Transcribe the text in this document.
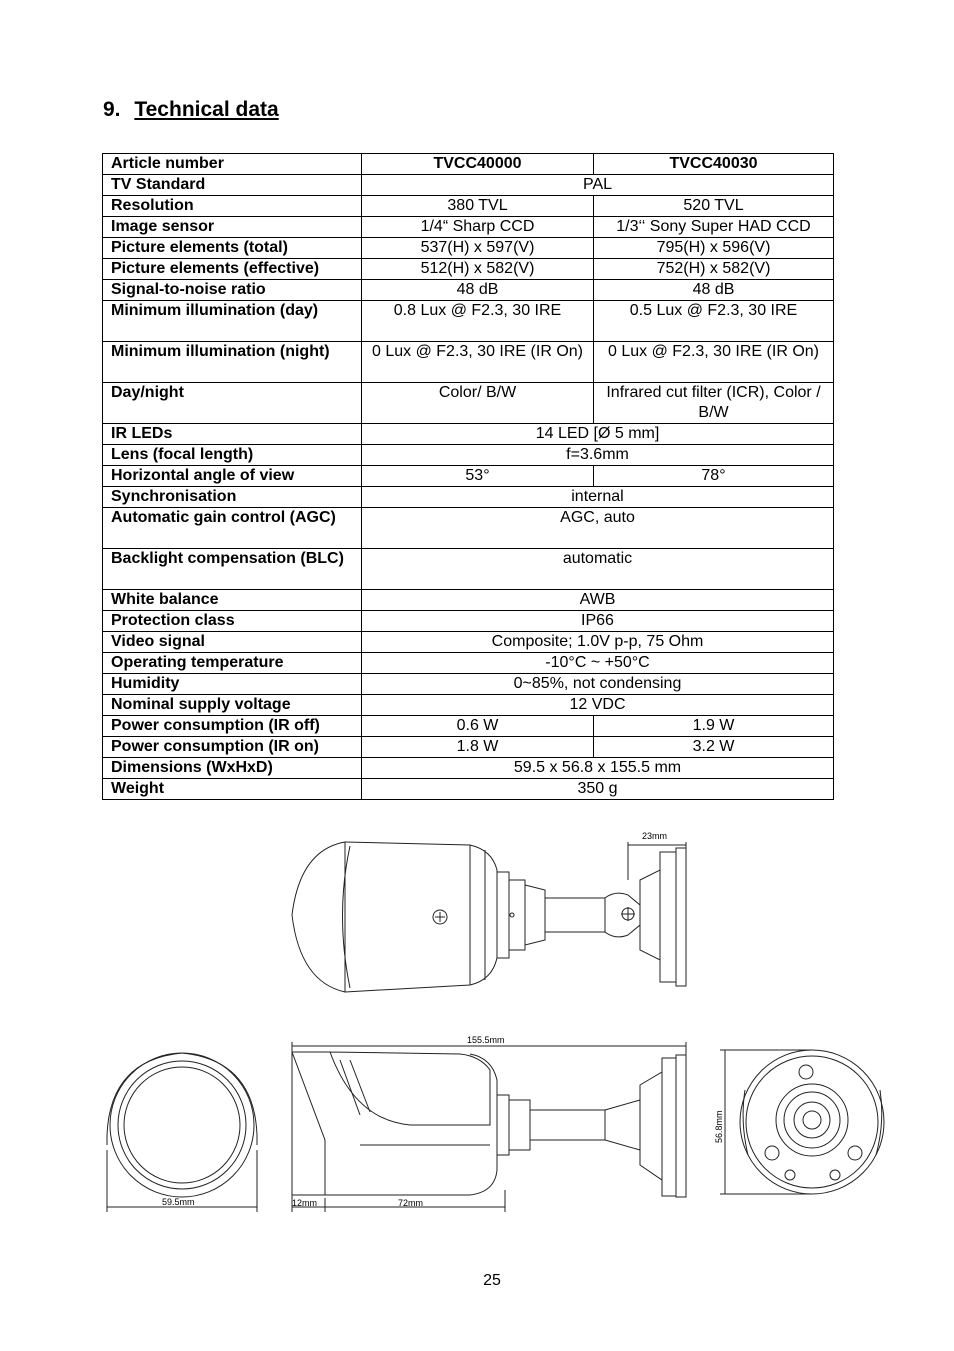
9. Technical data
Article number	TVCC40000	TVCC40030
TV Standard	PAL	
Resolution	380 TVL	520 TVL
Image sensor	1/4“ Sharp CCD	1/3‘‘ Sony Super HAD CCD
Picture elements (total)	537(H) x 597(V)	795(H) x 596(V)
Picture elements (effective)	512(H) x 582(V)	752(H) x 582(V)
Signal-to-noise ratio	48 dB	48 dB
Minimum illumination (day)	0.8 Lux @ F2.3, 30 IRE	0.5 Lux @ F2.3, 30 IRE
Minimum illumination (night)	0 Lux @ F2.3, 30 IRE (IR On)	0 Lux @ F2.3, 30 IRE (IR On)
Day/night	Color/ B/W	Infrared cut filter (ICR), Color / B/W
IR LEDs	14 LED [Ø 5 mm]	
Lens (focal length)	f=3.6mm	
Horizontal angle of view	53°	78°
Synchronisation	internal	
Automatic gain control (AGC)	AGC, auto	
Backlight compensation (BLC)	automatic	
White balance	AWB	
Protection class	IP66	
Video signal	Composite; 1.0V p-p, 75 Ohm	
Operating temperature	-10°C ~ +50°C	
Humidity	0~85%, not condensing	
Nominal supply voltage	12 VDC	
Power consumption (IR off)	0.6 W	1.9 W
Power consumption (IR on)	1.8 W	3.2 W
Dimensions (WxHxD)	59.5 x 56.8 x 155.5 mm	
Weight	350 g	
23mm
59.5mm
155.5mm
12mm	72mm
56.8mm
25
